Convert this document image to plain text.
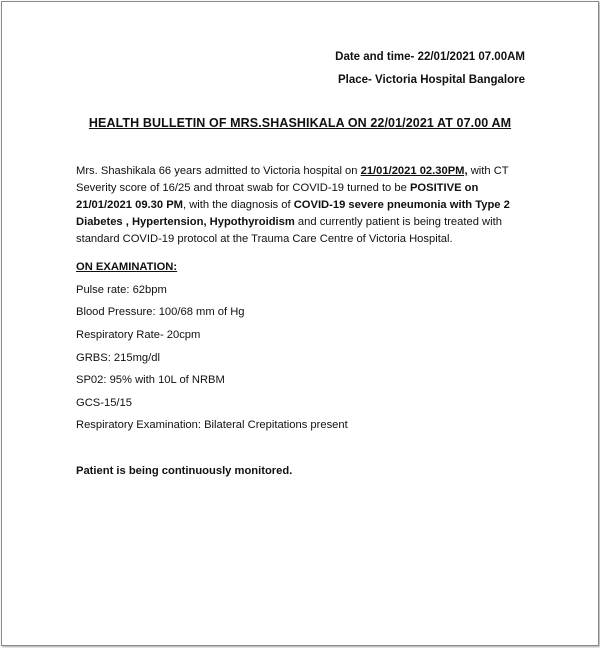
Date and time- 22/01/2021 07.00AM
Place- Victoria Hospital Bangalore
HEALTH BULLETIN OF MRS.SHASHIKALA ON 22/01/2021 AT 07.00 AM
Mrs. Shashikala 66 years admitted to Victoria hospital on 21/01/2021 02.30PM, with CT Severity score of 16/25 and throat swab for COVID-19 turned to be POSITIVE on 21/01/2021 09.30 PM, with the diagnosis of COVID-19 severe pneumonia with Type 2 Diabetes , Hypertension, Hypothyroidism and currently patient is being treated with standard COVID-19 protocol at the Trauma Care Centre of Victoria Hospital.
ON EXAMINATION:
Pulse rate: 62bpm
Blood Pressure: 100/68 mm of Hg
Respiratory Rate- 20cpm
GRBS: 215mg/dl
SP02: 95% with 10L of NRBM
GCS-15/15
Respiratory Examination: Bilateral Crepitations present
Patient is being continuously monitored.
